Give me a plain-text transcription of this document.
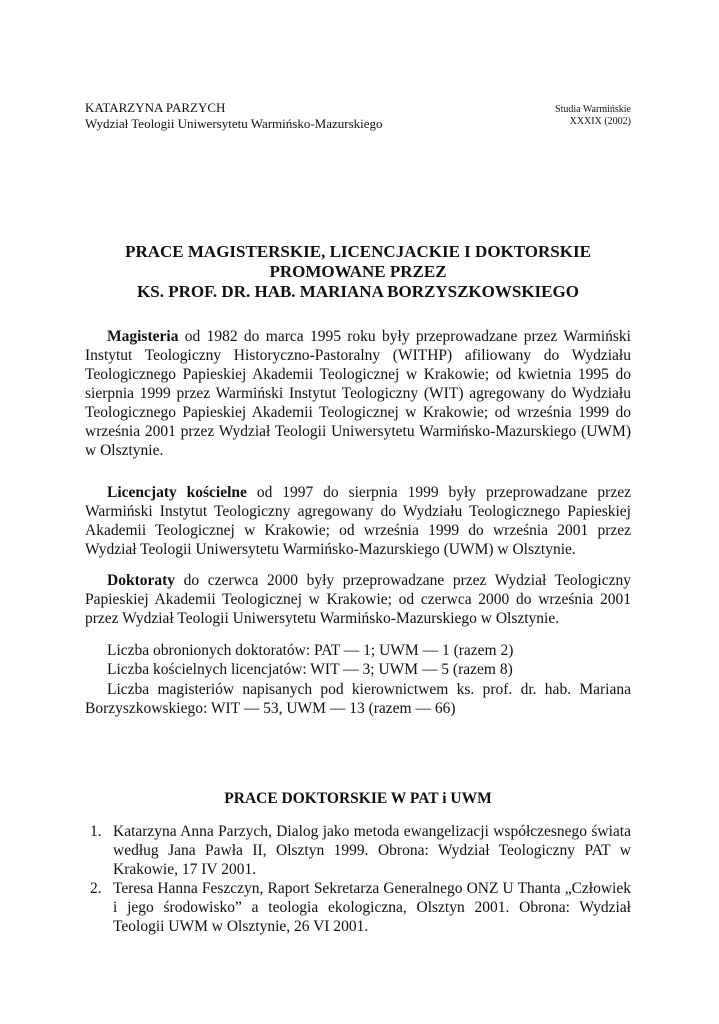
KATARZYNA PARZYCH
Wydział Teologii Uniwersytetu Warmińsko-Mazurskiego
Studia Warmińskie
XXXIX (2002)
PRACE MAGISTERSKIE, LICENCJACKIE I DOKTORSKIE
PROMOWANE PRZEZ
KS. PROF. DR. HAB. MARIANA BORZYSZKOWSKIEGO

Magisteria od 1982 do marca 1995 roku były przeprowadzane przez Warmiński Instytut Teologiczny Historyczno-Pastoralny (WITHP) afiliowany do Wydziału Teologicznego Papieskiej Akademii Teologicznej w Krakowie; od kwietnia 1995 do sierpnia 1999 przez Warmiński Instytut Teologiczny (WIT) agregowany do Wydziału Teologicznego Papieskiej Akademii Teologicznej w Krakowie; od września 1999 do września 2001 przez Wydział Teologii Uniwersytetu Warmińsko-Mazurskiego (UWM) w Olsztynie.

Licencjaty kościelne od 1997 do sierpnia 1999 były przeprowadzane przez Warmiński Instytut Teologiczny agregowany do Wydziału Teologicznego Papieskiej Akademii Teologicznej w Krakowie; od września 1999 do września 2001 przez Wydział Teologii Uniwersytetu Warmińsko-Mazurskiego (UWM) w Olsztynie.

Doktoraty do czerwca 2000 były przeprowadzane przez Wydział Teologiczny Papieskiej Akademii Teologicznej w Krakowie; od czerwca 2000 do września 2001 przez Wydział Teologii Uniwersytetu Warmińsko-Mazurskiego w Olsztynie.

Liczba obronionych doktoratów: PAT — 1; UWM — 1 (razem 2)
Liczba kościelnych licencjatów: WIT — 3; UWM — 5 (razem 8)
Liczba magisteriów napisanych pod kierownictwem ks. prof. dr. hab. Mariana Borzyszkowskiego: WIT — 53, UWM — 13 (razem — 66)
PRACE DOKTORSKIE W PAT i UWM
1. Katarzyna Anna Parzych, Dialog jako metoda ewangelizacji współczesnego świata według Jana Pawła II, Olsztyn 1999. Obrona: Wydział Teologiczny PAT w Krakowie, 17 IV 2001.
2. Teresa Hanna Feszczyn, Raport Sekretarza Generalnego ONZ U Thanta „Człowiek i jego środowisko” a teologia ekologiczna, Olsztyn 2001. Obrona: Wydział Teologii UWM w Olsztynie, 26 VI 2001.
